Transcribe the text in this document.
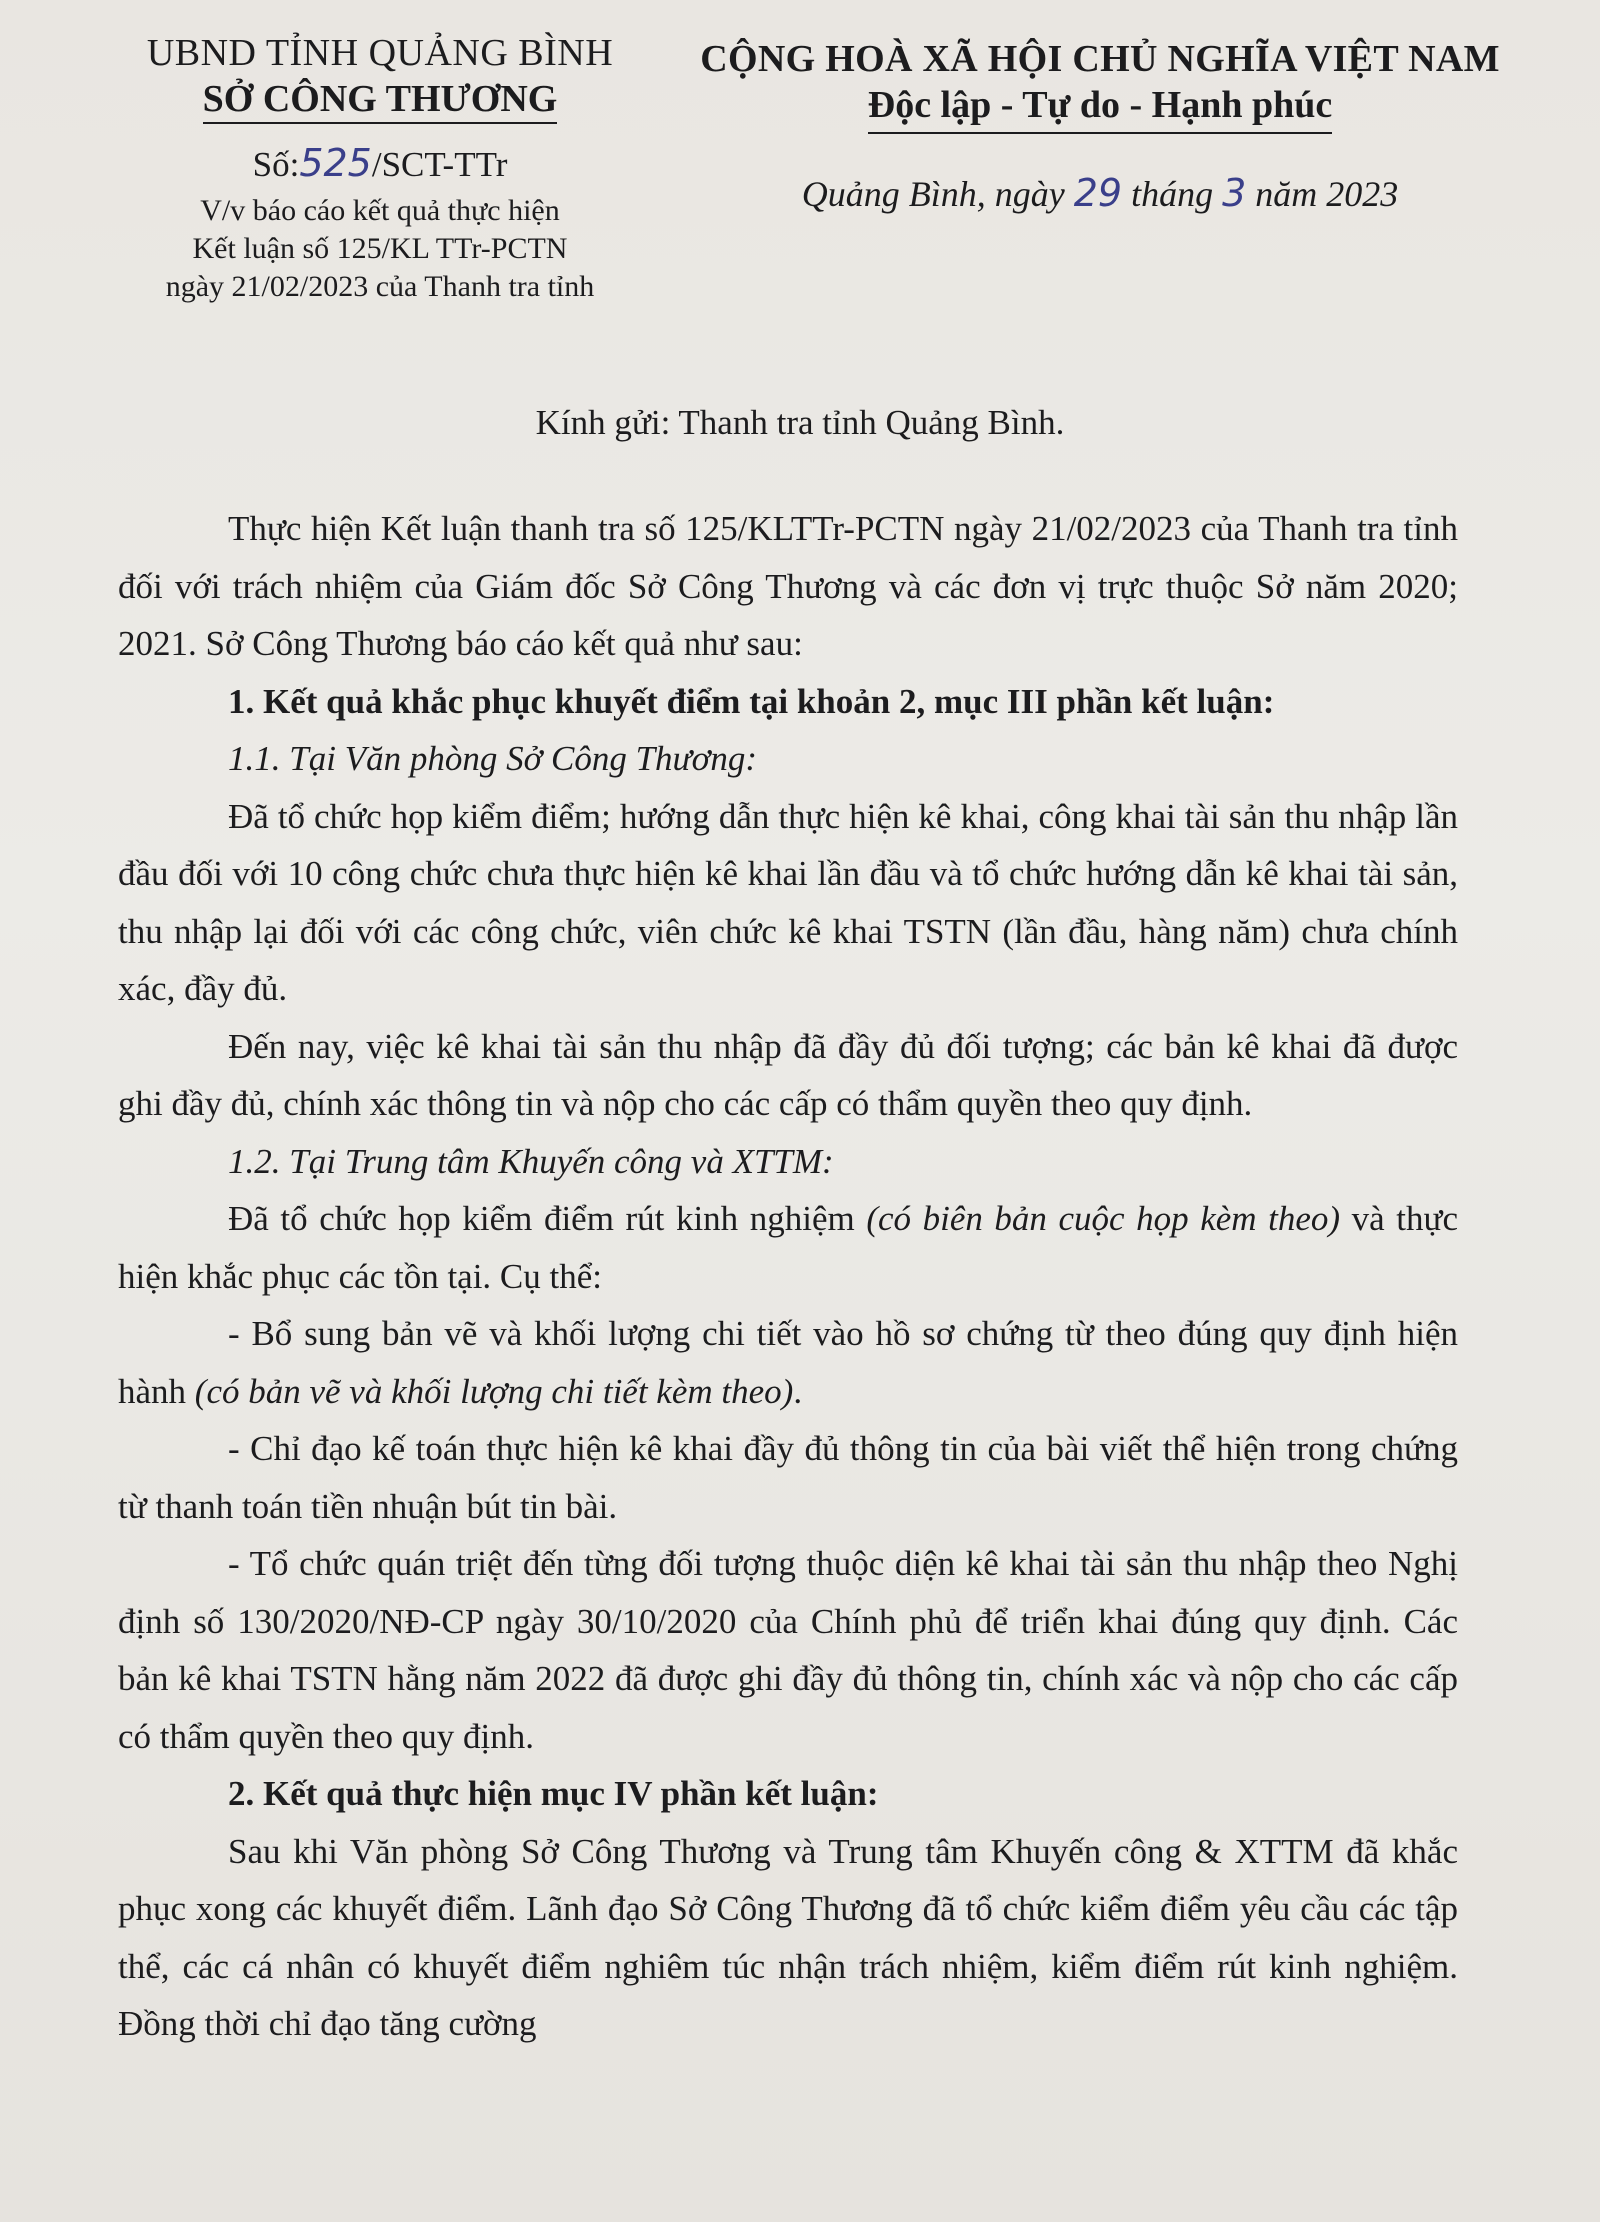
UBND TỈNH QUẢNG BÌNH
SỞ CÔNG THƯƠNG
Số:525/SCT-TTr
V/v báo cáo kết quả thực hiện
Kết luận số 125/KL TTr-PCTN
ngày 21/02/2023 của Thanh tra tỉnh
CỘNG HOÀ XÃ HỘI CHỦ NGHĨA VIỆT NAM
Độc lập - Tự do - Hạnh phúc
Quảng Bình, ngày 29 tháng 3 năm 2023
Kính gửi: Thanh tra tỉnh Quảng Bình.

Thực hiện Kết luận thanh tra số 125/KLTTr-PCTN ngày 21/02/2023 của Thanh tra tỉnh đối với trách nhiệm của Giám đốc Sở Công Thương và các đơn vị trực thuộc Sở năm 2020; 2021. Sở Công Thương báo cáo kết quả như sau:

1. Kết quả khắc phục khuyết điểm tại khoản 2, mục III phần kết luận:

1.1. Tại Văn phòng Sở Công Thương:

Đã tổ chức họp kiểm điểm; hướng dẫn thực hiện kê khai, công khai tài sản thu nhập lần đầu đối với 10 công chức chưa thực hiện kê khai lần đầu và tổ chức hướng dẫn kê khai tài sản, thu nhập lại đối với các công chức, viên chức kê khai TSTN (lần đầu, hàng năm) chưa chính xác, đầy đủ.

Đến nay, việc kê khai tài sản thu nhập đã đầy đủ đối tượng; các bản kê khai đã được ghi đầy đủ, chính xác thông tin và nộp cho các cấp có thẩm quyền theo quy định.

1.2. Tại Trung tâm Khuyến công và XTTM:

Đã tổ chức họp kiểm điểm rút kinh nghiệm (có biên bản cuộc họp kèm theo) và thực hiện khắc phục các tồn tại. Cụ thể:

- Bổ sung bản vẽ và khối lượng chi tiết vào hồ sơ chứng từ theo đúng quy định hiện hành (có bản vẽ và khối lượng chi tiết kèm theo).

- Chỉ đạo kế toán thực hiện kê khai đầy đủ thông tin của bài viết thể hiện trong chứng từ thanh toán tiền nhuận bút tin bài.

- Tổ chức quán triệt đến từng đối tượng thuộc diện kê khai tài sản thu nhập theo Nghị định số 130/2020/NĐ-CP ngày 30/10/2020 của Chính phủ để triển khai đúng quy định. Các bản kê khai TSTN hằng năm 2022 đã được ghi đầy đủ thông tin, chính xác và nộp cho các cấp có thẩm quyền theo quy định.

2. Kết quả thực hiện mục IV phần kết luận:

Sau khi Văn phòng Sở Công Thương và Trung tâm Khuyến công & XTTM đã khắc phục xong các khuyết điểm. Lãnh đạo Sở Công Thương đã tổ chức kiểm điểm yêu cầu các tập thể, các cá nhân có khuyết điểm nghiêm túc nhận trách nhiệm, kiểm điểm rút kinh nghiệm. Đồng thời chỉ đạo tăng cường
